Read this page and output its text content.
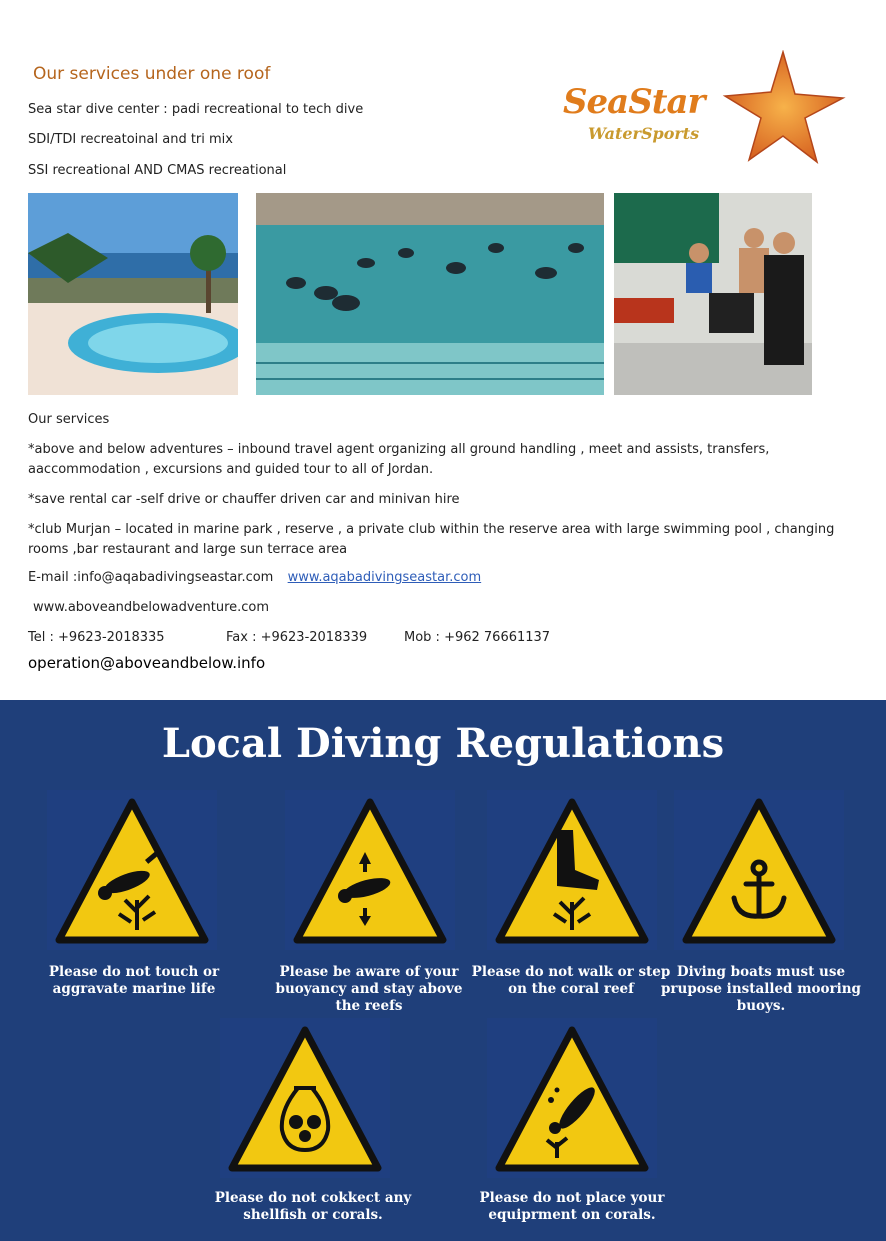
Our services under one roof
Sea star dive center : padi recreational to tech dive
SDI/TDI recreatoinal and tri mix
SSI recreational AND CMAS recreational
SeaStar
WaterSports
Our services
*above and below adventures – inbound travel agent organizing all ground handling , meet and assists, transfers, aaccommodation , excursions and guided tour to all of Jordan.
*save rental car -self drive or chauffer driven car and minivan hire
*club Murjan – located in marine park , reserve , a private club within the reserve area with large swimming pool , changing rooms ,bar restaurant and large sun terrace area
E-mail :info@aqabadivingseastar.com www.aqabadivingseastar.com
www.aboveandbelowadventure.com
Tel : +9623-2018335	Fax : +9623-2018339	Mob : +962 76661137
operation@aboveandbelow.info
Local Diving Regulations
Please do not touch or aggravate marine life
Please be aware of your buoyancy and stay above the reefs
Please do not walk or step on the coral reef
Diving boats must use prupose installed mooring buoys.
Please do not cokkect any shellfish or corals.
Please do not place your equiprment on corals.
